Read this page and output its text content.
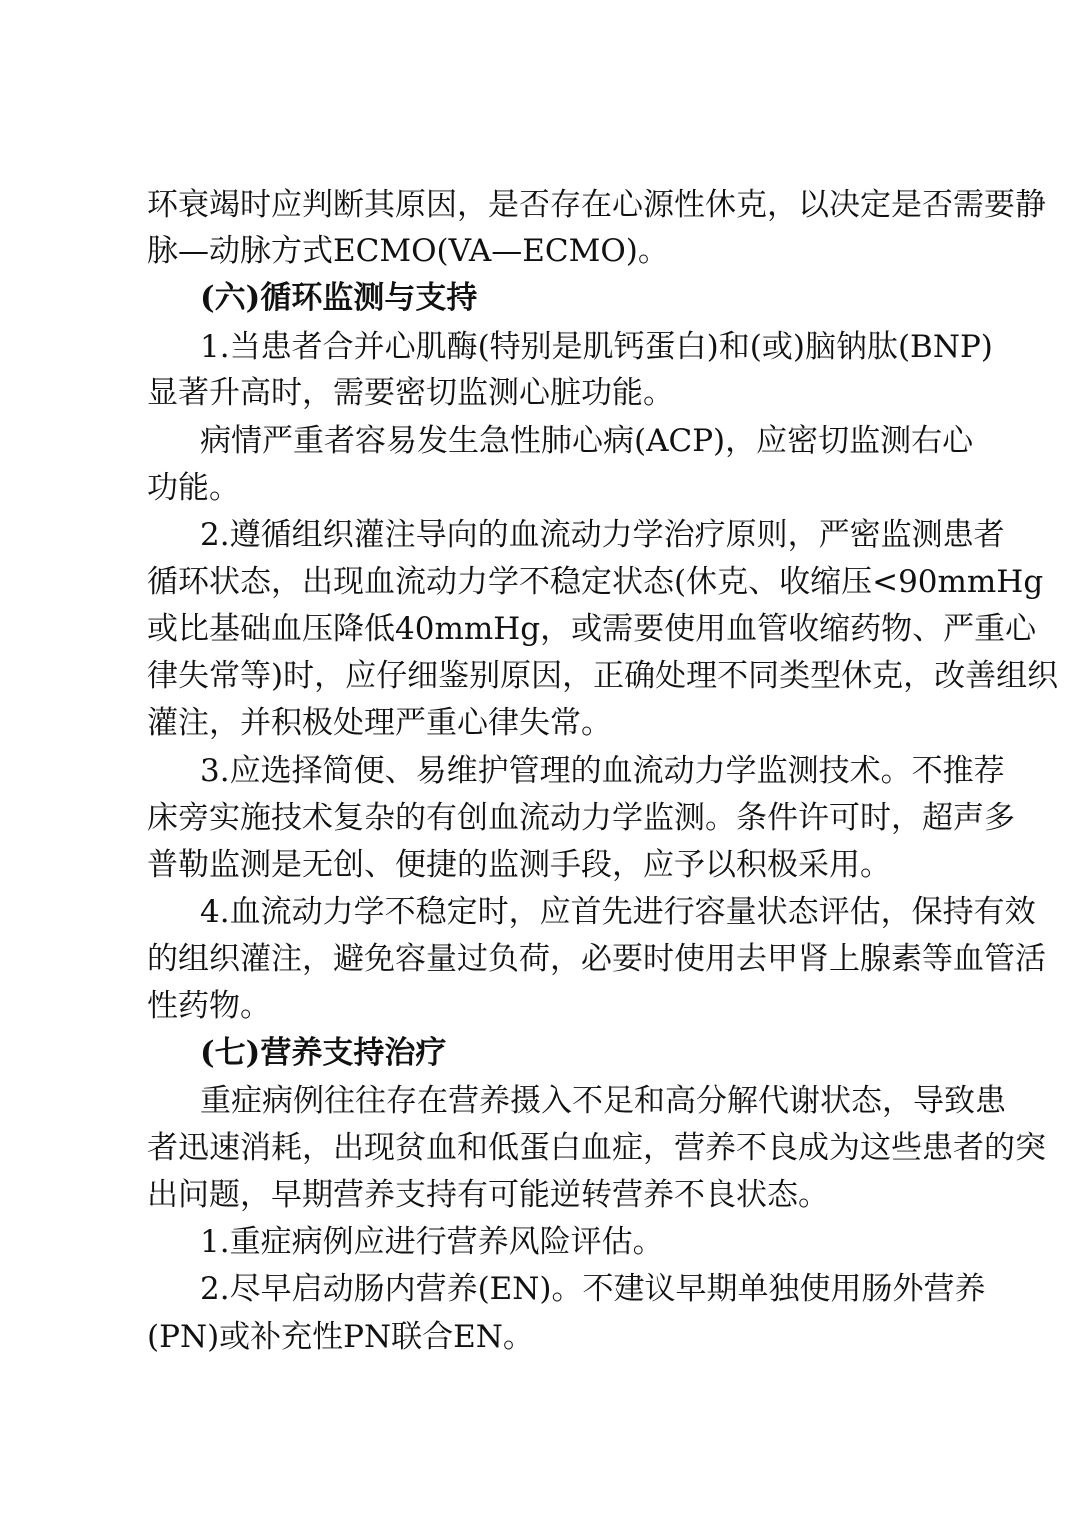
环衰竭时应判断其原因，是否存在心源性休克，以决定是否需要静
脉—动脉方式ECMO(VA—ECMO)。
(六)循环监测与支持
1.当患者合并心肌酶(特别是肌钙蛋白)和(或)脑钠肽(BNP)
显著升高时，需要密切监测心脏功能。
病情严重者容易发生急性肺心病(ACP)，应密切监测右心
功能。
2.遵循组织灌注导向的血流动力学治疗原则，严密监测患者
循环状态，出现血流动力学不稳定状态(休克、收缩压<90mmHg
或比基础血压降低40mmHg，或需要使用血管收缩药物、严重心
律失常等)时，应仔细鉴别原因，正确处理不同类型休克，改善组织
灌注，并积极处理严重心律失常。
3.应选择简便、易维护管理的血流动力学监测技术。不推荐
床旁实施技术复杂的有创血流动力学监测。条件许可时，超声多
普勒监测是无创、便捷的监测手段，应予以积极采用。
4.血流动力学不稳定时，应首先进行容量状态评估，保持有效
的组织灌注，避免容量过负荷，必要时使用去甲肾上腺素等血管活
性药物。
(七)营养支持治疗
重症病例往往存在营养摄入不足和高分解代谢状态，导致患
者迅速消耗，出现贫血和低蛋白血症，营养不良成为这些患者的突
出问题，早期营养支持有可能逆转营养不良状态。
1.重症病例应进行营养风险评估。
2.尽早启动肠内营养(EN)。不建议早期单独使用肠外营养
(PN)或补充性PN联合EN。
